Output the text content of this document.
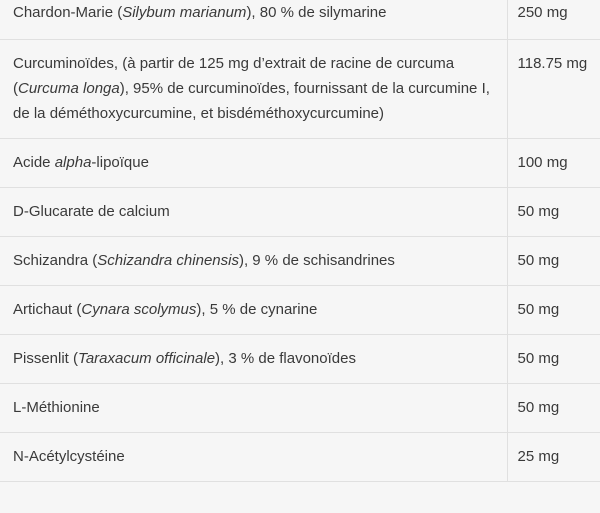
Chardon-Marie (Silybum marianum), 80 % de silymarine	250 mg
Curcuminoïdes, (à partir de 125 mg d’extrait de racine de curcuma (Curcuma longa), 95% de curcuminoïdes, fournissant de la curcumine I, de la déméthoxycurcumine, et bisdéméthoxycurcumine)	118.75 mg
Acide alpha-lipoïque	100 mg
D-Glucarate de calcium	50 mg
Schizandra (Schizandra chinensis), 9 % de schisandrines	50 mg
Artichaut (Cynara scolymus), 5 % de cynarine	50 mg
Pissenlit (Taraxacum officinale), 3 % de flavonoïdes	50 mg
L-Méthionine	50 mg
N-Acétylcystéine	25 mg
